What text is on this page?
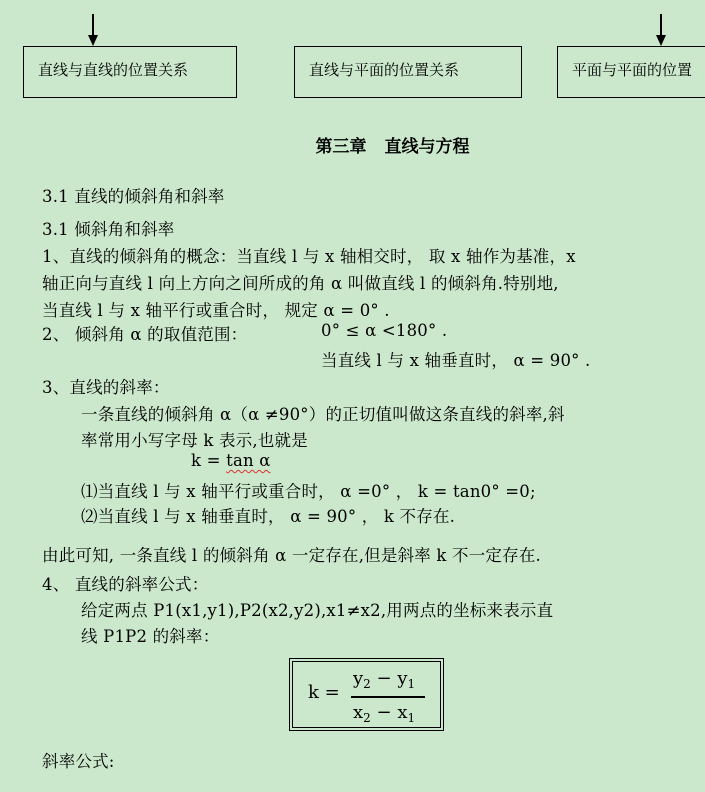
直线与直线的位置关系	直线与平面的位置关系	平面与平面的位置
第三章 直线与方程
3.1 直线的倾斜角和斜率
3.1 倾斜角和斜率
1、直线的倾斜角的概念：当直线 l 与 x 轴相交时， 取 x 轴作为基准，x
轴正向与直线 l 向上方向之间所成的角 α 叫做直线 l 的倾斜角.特别地,
当直线 l 与 x 轴平行或重合时， 规定 α = 0° .
2、 倾斜角 α 的取值范围：	0° ≤ α <180° .
当直线 l 与 x 轴垂直时， α = 90° .
3、直线的斜率：
一条直线的倾斜角 α（α ≠90°）的正切值叫做这条直线的斜率,斜
率常用小写字母 k 表示,也就是
k = tan α
⑴当直线 l 与 x 轴平行或重合时， α =0° ， k = tan0° =0;
⑵当直线 l 与 x 轴垂直时， α = 90° ， k 不存在.
由此可知, 一条直线 l 的倾斜角 α 一定存在,但是斜率 k 不一定存在.
4、 直线的斜率公式：
给定两点 P1(x1,y1),P2(x2,y2),x1≠x2,用两点的坐标来表示直
线 P1P2 的斜率：
k =
$y_2 - y_1$
$x_2 - x_1$
斜率公式:
